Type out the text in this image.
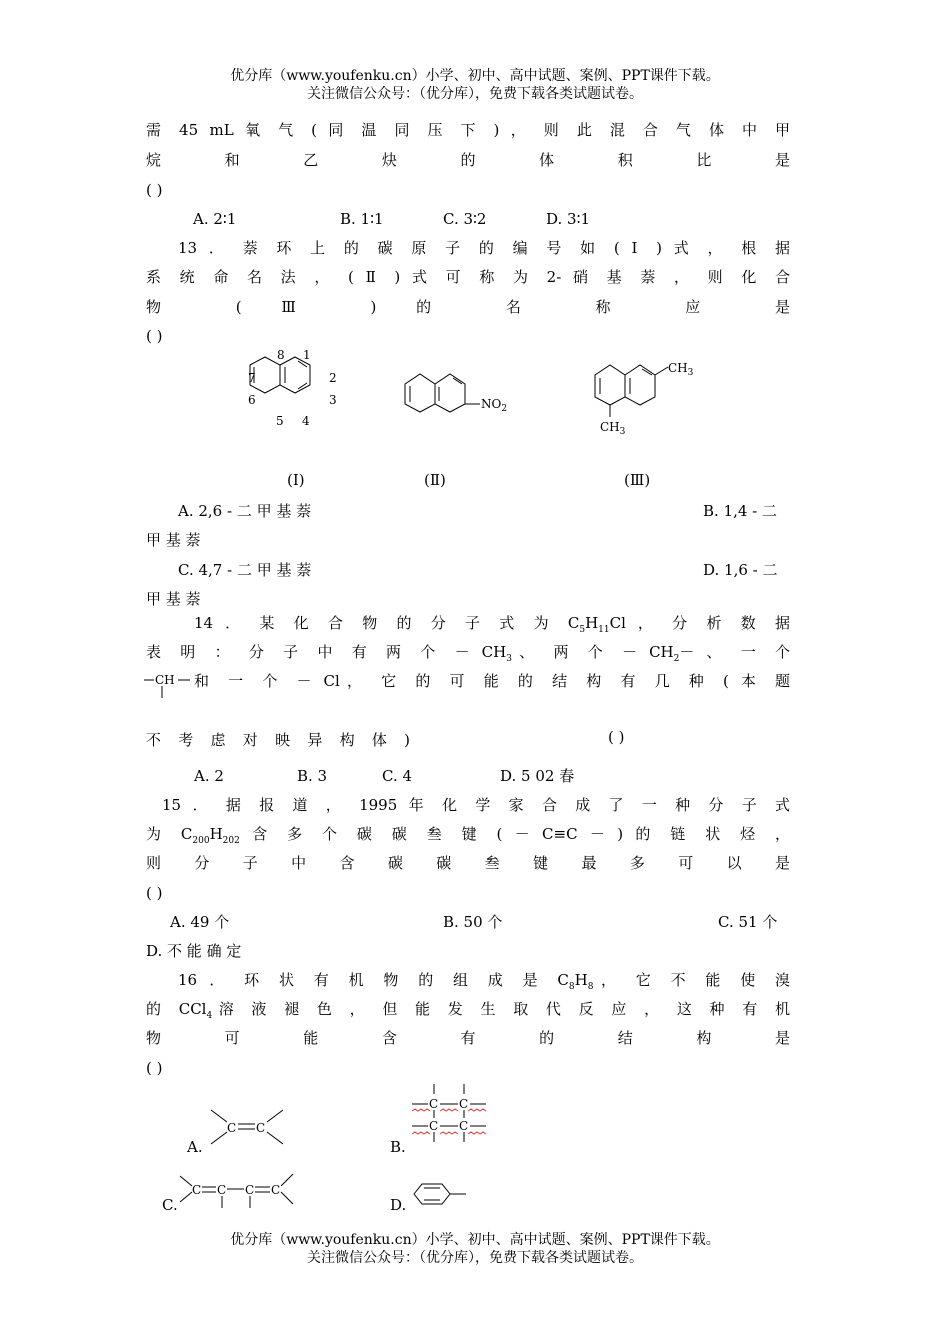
优分库（www.youfenku.cn）小学、初中、高中试题、案例、PPT课件下载。
关注微信公众号：（优分库），免费下载各类试题试卷。
需 45 mL 氧 气 ( 同 温 同 压 下 ) ， 则 此 混 合 气 体 中 甲
烷 和 乙 炔 的 体 积 比 是
( )
A. 2∶1	B. 1∶1	C. 3∶2	D. 3∶1
13 ． 萘 环 上 的 碳 原 子 的 编 号 如 ( Ⅰ ) 式 ， 根 据
系 统 命 名 法 ， ( Ⅱ ) 式 可 称 为 2- 硝 基 萘 ， 则 化 合
物 ( Ⅲ ) 的 名 称 应 是
( )
8 1
7	2
6	3
5 4
$NO_2$
$CH_3$
$CH_3$
(Ⅰ)	(Ⅱ)	(Ⅲ)
A. 2,6 - 二 甲 基 萘	B. 1,4 - 二
甲 基 萘
C. 4,7 - 二 甲 基 萘	D. 1,6 - 二
甲 基 萘
14 ． 某 化 合 物 的 分 子 式 为 $C_5H_{11}Cl$ ， 分 析 数 据
表 明 ： 分 子 中 有 两 个 － $CH_3$、 两 个 － $CH_2-$ 、 一 个
CH 和 一 个 － Cl， 它 的 可 能 的 结 构 有 几 种 ( 本 题
不 考 虑 对 映 异 构 体 )	( )
A. 2	B. 3	C. 4	D. 5 02 春
15 ． 据 报 道 ， 1995 年 化 学 家 合 成 了 一 种 分 子 式
为 $C_{200}H_{202}$ 含 多 个 碳 碳 叁 键 ( － C≡C － ) 的 链 状 烃 ，
则 分 子 中 含 碳 碳 叁 键 最 多 可 以 是
( )
A. 49 个	B. 50 个	C. 51 个
D. 不 能 确 定
16 ． 环 状 有 机 物 的 组 成 是 $C_8H_8$， 它 不 能 使 溴
的 CCl$_4$溶 液 褪 色 ， 但 能 发 生 取 代 反 应 ， 这 种 有 机
物 可 能 含 有 的 结 构 是
( )
A.
C C
B.
C C
C C
C.
C C C C
D.
优分库（www.youfenku.cn）小学、初中、高中试题、案例、PPT课件下载。
关注微信公众号：（优分库），免费下载各类试题试卷。
